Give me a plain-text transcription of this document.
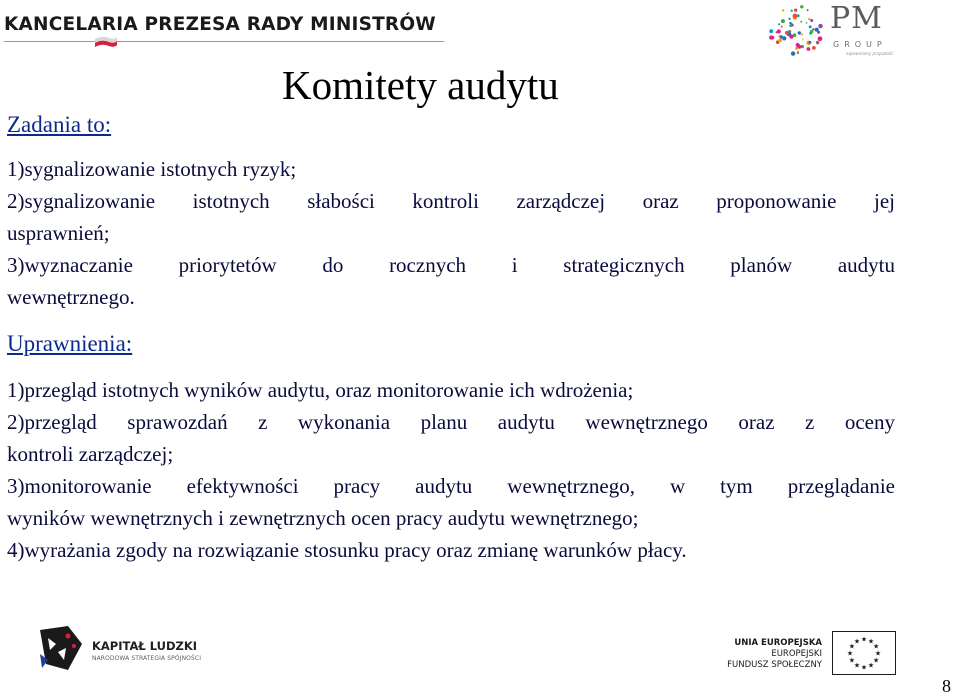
KANCELARIA PREZESA RADY MINISTRÓW	PM
GROUP
zapewniamy przyszłość
Komitety audytu
Zadania to:
1)sygnalizowanie istotnych ryzyk;
2)sygnalizowanie istotnych słabości kontroli zarządczej oraz proponowanie jej
usprawnień;
3)wyznaczanie priorytetów do rocznych i strategicznych planów audytu
wewnętrznego.
Uprawnienia:
1)przegląd istotnych wyników audytu, oraz monitorowanie ich wdrożenia;
2)przegląd sprawozdań z wykonania planu audytu wewnętrznego oraz z oceny
kontroli zarządczej;
3)monitorowanie efektywności pracy audytu wewnętrznego, w tym przeglądanie
wyników wewnętrznych i zewnętrznych ocen pracy audytu wewnętrznego;
4)wyrażania zgody na rozwiązanie stosunku pracy oraz zmianę warunków płacy.
KAPITAŁ LUDZKI
NARODOWA STRATEGIA SPÓJNOŚCI
UNIA EUROPEJSKA
EUROPEJSKI
FUNDUSZ SPOŁECZNY
★ ★
★
★
★
★
★
★
★
★
★
★
8
